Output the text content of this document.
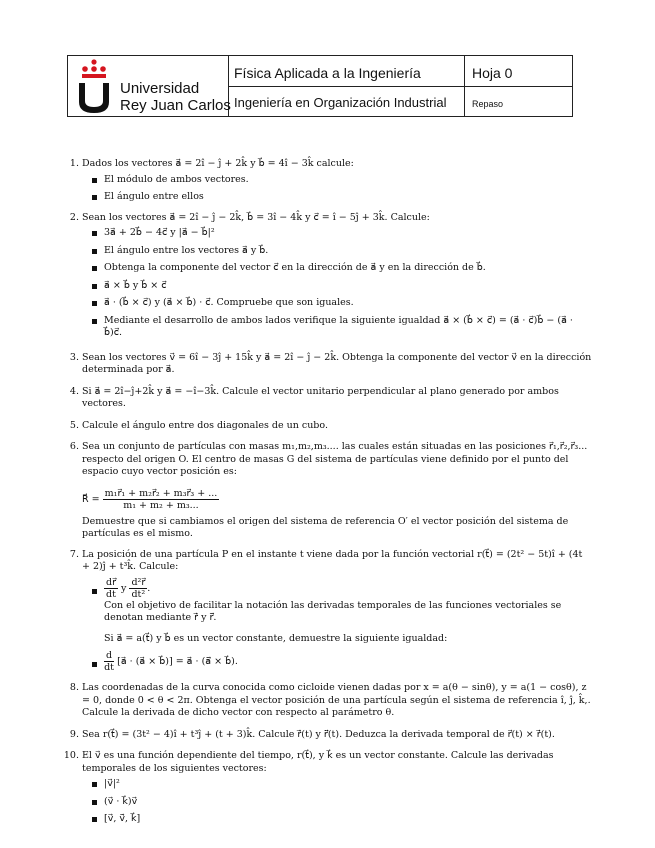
Universidad
Rey Juan Carlos
Física Aplicada a la Ingeniería
Ingeniería en Organización Industrial
Hoja 0
Repaso
1. Dados los vectores a⃗ = 2î − ĵ + 2k̂ y b⃗ = 4î − 3k̂ calcule:
El módulo de ambos vectores.
El ángulo entre ellos
2. Sean los vectores a⃗ = 2î − ĵ − 2k̂, b⃗ = 3î − 4k̂ y c⃗ = î − 5ĵ + 3k̂. Calcule:
3a⃗ + 2b⃗ − 4c⃗ y |a⃗ − b⃗|²
El ángulo entre los vectores a⃗ y b⃗.
Obtenga la componente del vector c⃗ en la dirección de a⃗ y en la dirección de b⃗.
a⃗ × b⃗ y b⃗ × c⃗
a⃗ · (b⃗ × c⃗) y (a⃗ × b⃗) · c⃗. Compruebe que son iguales.
Mediante el desarrollo de ambos lados verifique la siguiente igualdad a⃗ × (b⃗ × c⃗) = (a⃗ · c⃗)b⃗ − (a⃗ · b⃗)c⃗.
3. Sean los vectores v⃗ = 6î − 3ĵ + 15k̂ y a⃗ = 2î − ĵ − 2k̂. Obtenga la componente del vector v⃗ en la dirección determinada por a⃗.
4. Si a⃗ = 2î−ĵ+2k̂ y a⃗ = −î−3k̂. Calcule el vector unitario perpendicular al plano generado por ambos vectores.
5. Calcule el ángulo entre dos diagonales de un cubo.
6. Sea un conjunto de partículas con masas m₁,m₂,m₃.... las cuales están situadas en las posiciones r⃗₁,r⃗₂,r⃗₃... respecto del origen O. El centro de masas G del sistema de partículas viene definido por el punto del espacio cuyo vector posición es:
R⃗ = $\frac{\text{m₁r⃗₁ + m₂r⃗₂ + m₃r⃗₃ + ...}}{\text{m₁ + m₂ + m₃...}}$
Demuestre que si cambiamos el origen del sistema de referencia O′ el vector posición del sistema de partículas es el mismo.
7. La posición de una partícula P en el instante t viene dada por la función vectorial r(t⃗) = (2t² − 5t)î + (4t + 2)ĵ + t³k̂. Calcule:
$\frac{dr⃗}{dt}$ y $\frac{\text{d²r⃗}}{\text{dt²}}$ .
Con el objetivo de facilitar la notación las derivadas temporales de las funciones vectoriales se denotan mediante ṙ⃗ y r̈⃗.
Si a⃗ = a(t⃗) y b⃗ es un vector constante, demuestre la siguiente igualdad:
$\frac{d}{dt}$ [a⃗ · (a⃗ × b⃗)] = a⃗ · (ä⃗ × b⃗).
8. Las coordenadas de la curva conocida como cicloide vienen dadas por x = a(θ − sinθ), y = a(1 − cosθ), z = 0, donde 0 < θ < 2π. Obtenga el vector posición de una partícula según el sistema de referencia î, ĵ, k̂,. Calcule la derivada de dicho vector con respecto al parámetro θ.
9. Sea r(t⃗) = (3t² − 4)î + t³ĵ + (t + 3)k̂. Calcule ṙ⃗(t) y r̈⃗(t). Deduzca la derivada temporal de r⃗(t) × ṙ⃗(t).
10. El v⃗ es una función dependiente del tiempo, r(t⃗), y k⃗ es un vector constante. Calcule las derivadas temporales de los siguientes vectores:
|v⃗|²
(v⃗ · k⃗)v⃗
[v⃗, v̇⃗, k⃗]
